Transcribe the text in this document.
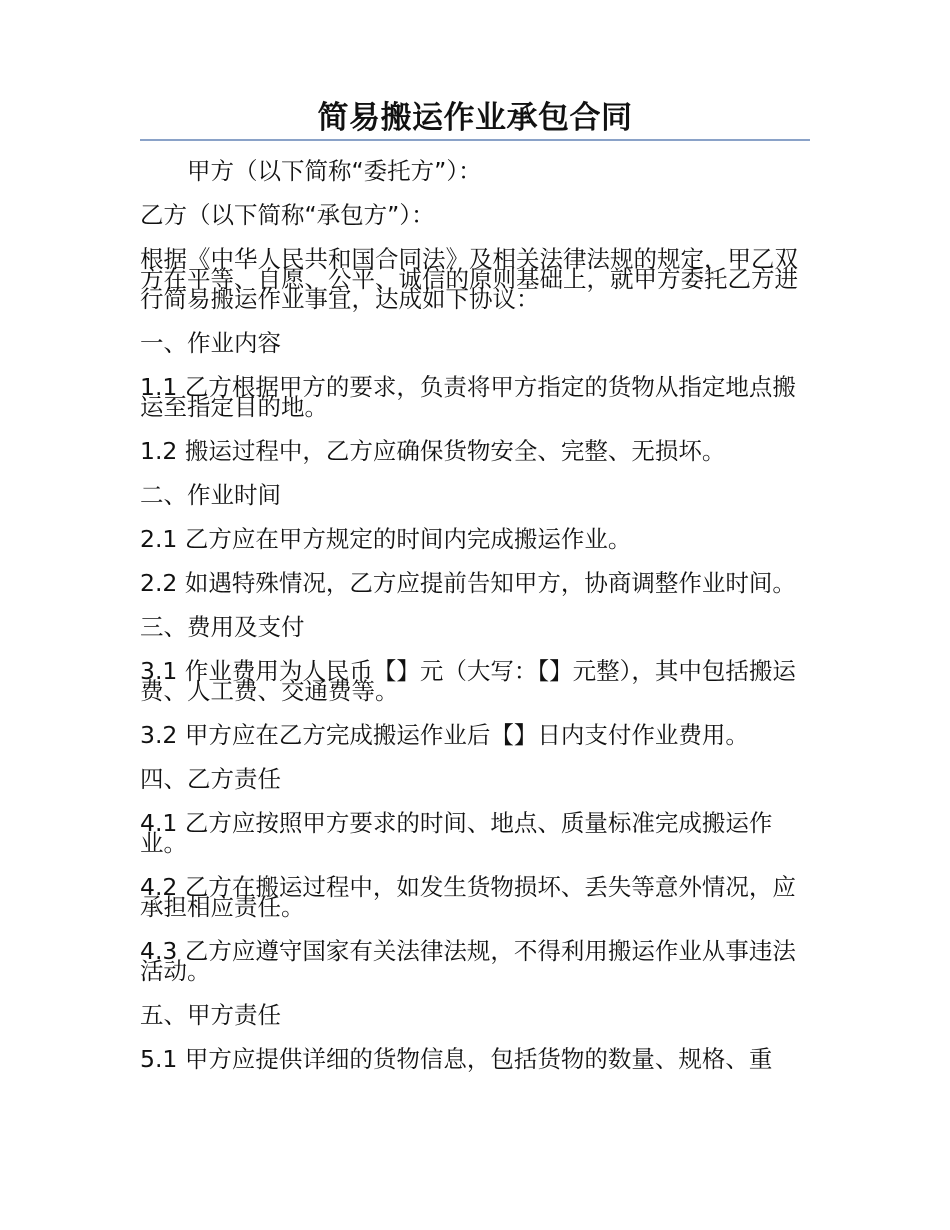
简易搬运作业承包合同

甲方（以下简称“委托方”）：

乙方（以下简称“承包方”）：

根据《中华人民共和国合同法》及相关法律法规的规定，甲乙双方在平等、自愿、公平、诚信的原则基础上，就甲方委托乙方进行简易搬运作业事宜，达成如下协议：

一、作业内容

1.1 乙方根据甲方的要求，负责将甲方指定的货物从指定地点搬运至指定目的地。

1.2 搬运过程中，乙方应确保货物安全、完整、无损坏。

二、作业时间

2.1 乙方应在甲方规定的时间内完成搬运作业。

2.2 如遇特殊情况，乙方应提前告知甲方，协商调整作业时间。

三、费用及支付

3.1 作业费用为人民币【】元（大写：【】元整），其中包括搬运费、人工费、交通费等。

3.2 甲方应在乙方完成搬运作业后【】日内支付作业费用。

四、乙方责任

4.1 乙方应按照甲方要求的时间、地点、质量标准完成搬运作业。

4.2 乙方在搬运过程中，如发生货物损坏、丢失等意外情况，应承担相应责任。

4.3 乙方应遵守国家有关法律法规，不得利用搬运作业从事违法活动。

五、甲方责任

5.1 甲方应提供详细的货物信息，包括货物的数量、规格、重
